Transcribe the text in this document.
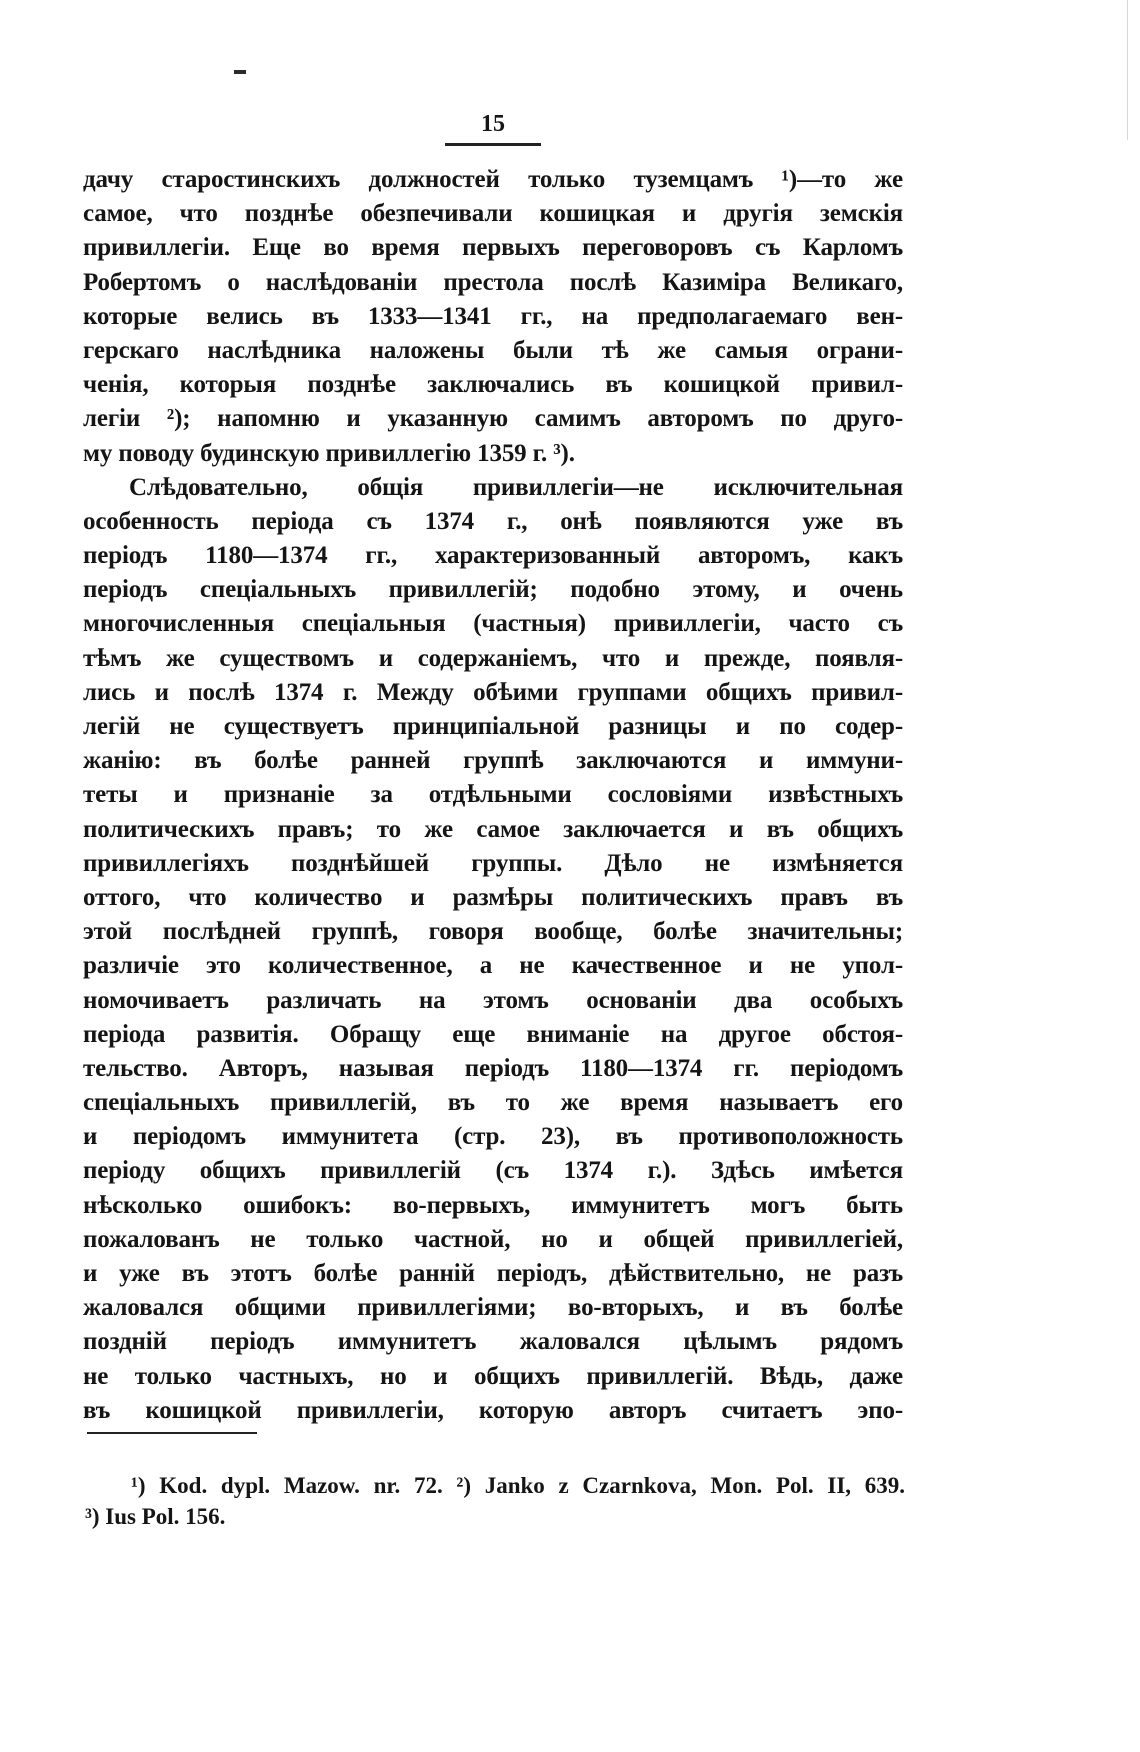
15
дачу старостинскихъ должностей только туземцамъ ¹)—то же
самое, что позднѣе обезпечивали кошицкая и другія земскія
привиллегіи. Еще во время первыхъ переговоровъ съ Карломъ
Робертомъ о наслѣдованіи престола послѣ Казиміра Великаго,
которые велись въ 1333—1341 гг., на предполагаемаго вен-
герскаго наслѣдника наложены были тѣ же самыя ограни-
ченія, которыя позднѣе заключались въ кошицкой привил-
легіи ²); напомню и указанную самимъ авторомъ по друго-
му поводу будинскую привиллегію 1359 г. ³).
Слѣдовательно, общія привиллегіи—не исключительная
особенность періода съ 1374 г., онѣ появляются уже въ
періодъ 1180—1374 гг., характеризованный авторомъ, какъ
періодъ спеціальныхъ привиллегій; подобно этому, и очень
многочисленныя спеціальныя (частныя) привиллегіи, часто съ
тѣмъ же существомъ и содержаніемъ, что и прежде, появля-
лись и послѣ 1374 г. Между обѣими группами общихъ привил-
легій не существуетъ принципіальной разницы и по содер-
жанію: въ болѣе ранней группѣ заключаются и иммуни-
теты и признаніе за отдѣльными сословіями извѣстныхъ
политическихъ правъ; то же самое заключается и въ общихъ
привиллегіяхъ позднѣйшей группы. Дѣло не измѣняется
оттого, что количество и размѣры политическихъ правъ въ
этой послѣдней группѣ, говоря вообще, болѣе значительны;
различіе это количественное, а не качественное и не упол-
номочиваетъ различать на этомъ основаніи два особыхъ
періода развитія. Обращу еще вниманіе на другое обстоя-
тельство. Авторъ, называя періодъ 1180—1374 гг. періодомъ
спеціальныхъ привиллегій, въ то же время называетъ его
и періодомъ иммунитета (стр. 23), въ противоположность
періоду общихъ привиллегій (съ 1374 г.). Здѣсь имѣется
нѣсколько ошибокъ: во-первыхъ, иммунитетъ могъ быть
пожалованъ не только частной, но и общей привиллегіей,
и уже въ этотъ болѣе ранній періодъ, дѣйствительно, не разъ
жаловался общими привиллегіями; во-вторыхъ, и въ болѣе
поздній періодъ иммунитетъ жаловался цѣлымъ рядомъ
не только частныхъ, но и общихъ привиллегій. Вѣдь, даже
въ кошицкой привиллегіи, которую авторъ считаетъ эпо-
¹) Kod. dypl. Mazow. nr. 72. ²) Janko z Czarnkova, Mon. Pol. II, 639.
³) Ius Pol. 156.
